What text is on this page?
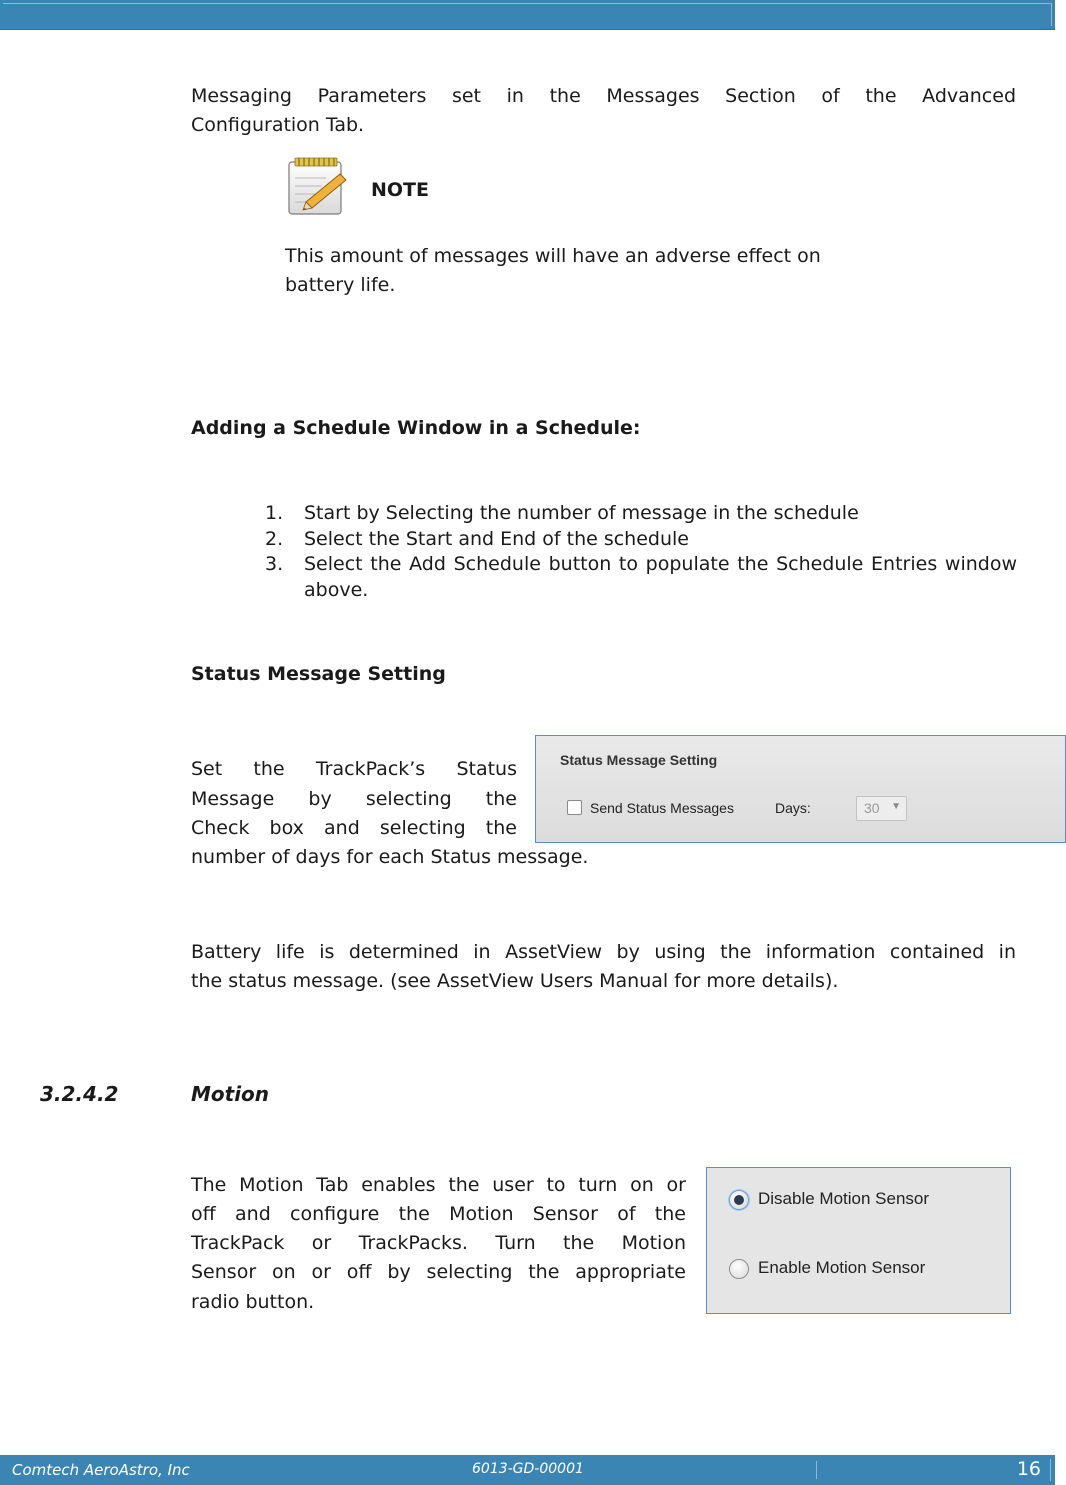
Messaging Parameters set in the Messages Section of the Advanced
Configuration Tab.
NOTE
This amount of messages will have an adverse effect on
battery life.
Adding a Schedule Window in a Schedule:
1. Start by Selecting the number of message in the schedule
2. Select the Start and End of the schedule
3. Select the Add Schedule button to populate the Schedule Entries window above.
Status Message Setting
Set the TrackPack’s Status
Message by selecting the
Check box and selecting the
number of days for each Status message.
Status Message Setting
Send Status Messages	Days:	30 ▼
Battery life is determined in AssetView by using the information contained in
the status message. (see AssetView Users Manual for more details).
3.2.4.2	Motion
The Motion Tab enables the user to turn on or
off and configure the Motion Sensor of the
TrackPack or TrackPacks. Turn the Motion
Sensor on or off by selecting the appropriate
radio button.
Disable Motion Sensor
Enable Motion Sensor
Comtech AeroAstro, Inc	6013-GD-00001	16
